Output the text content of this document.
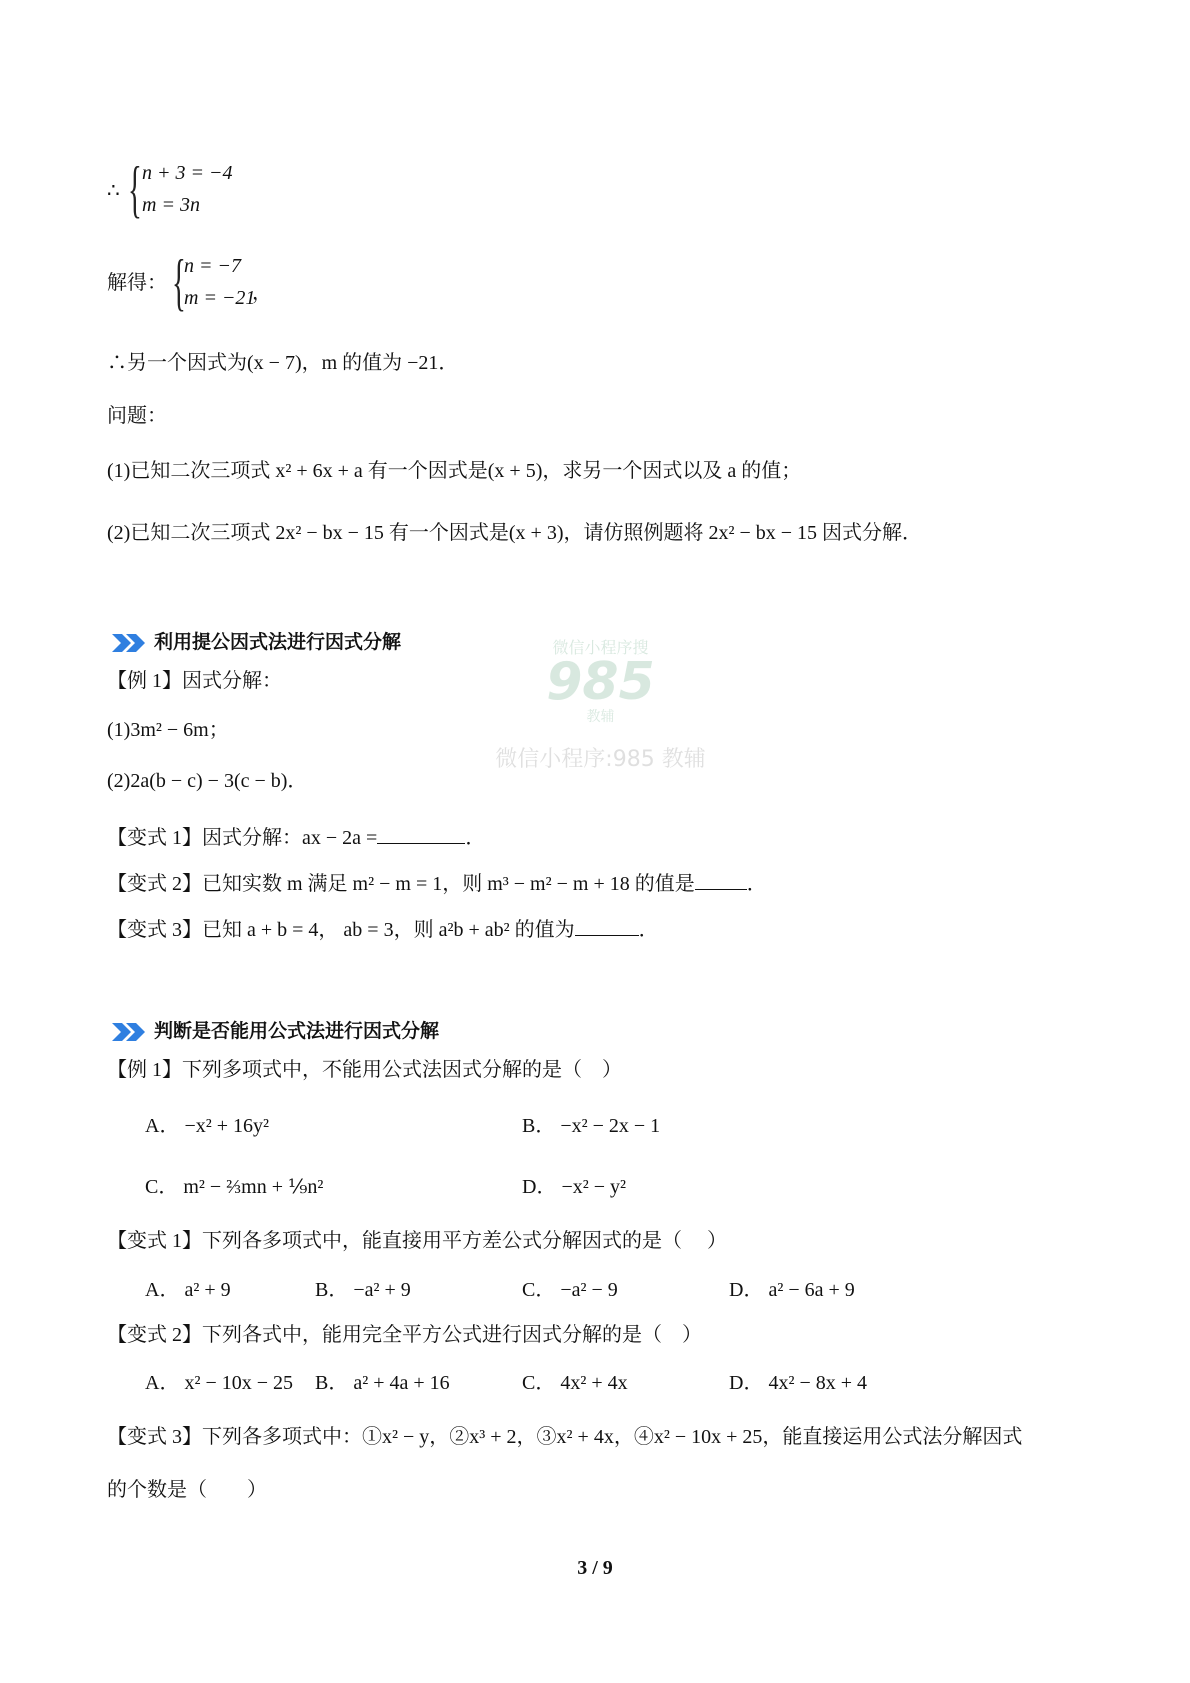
微信小程序搜
985
教辅
微信小程序:985 教辅
∴ { n + 3 = −4
m = 3n
解得： {
n = −7
m = −21
，
∴另一个因式为(x − 7)，m 的值为 −21．
问题：
(1)已知二次三项式 x² + 6x + a 有一个因式是(x + 5)，求另一个因式以及 a 的值；
(2)已知二次三项式 2x² − bx − 15 有一个因式是(x + 3)，请仿照例题将 2x² − bx − 15 因式分解．
利用提公因式法进行因式分解
【例 1】因式分解：
(1)3m² − 6m；
(2)2a(b − c) − 3(c − b)．
【变式 1】因式分解：ax − 2a =	．
【变式 2】已知实数 m 满足 m² − m = 1，则 m³ − m² − m + 18 的值是	．
【变式 3】已知 a + b = 4， ab = 3，则 a²b + ab² 的值为	．
判断是否能用公式法进行因式分解
【例 1】下列多项式中，不能用公式法因式分解的是（　）
A． −x² + 16y²	B． −x² − 2x − 1
C． m² − ⅔mn + ⅑n²	D． −x² − y²
【变式 1】下列各多项式中，能直接用平方差公式分解因式的是（　 ）
A． a² + 9	B． −a² + 9	C． −a² − 9	D． a² − 6a + 9
【变式 2】下列各式中，能用完全平方公式进行因式分解的是（　）
A． x² − 10x − 25 B． a² + 4a + 16	C． 4x² + 4x	D． 4x² − 8x + 4
【变式 3】下列各多项式中：①x² − y，②x³ + 2，③x² + 4x，④x² − 10x + 25，能直接运用公式法分解因式
的个数是（　　）
3 / 9
